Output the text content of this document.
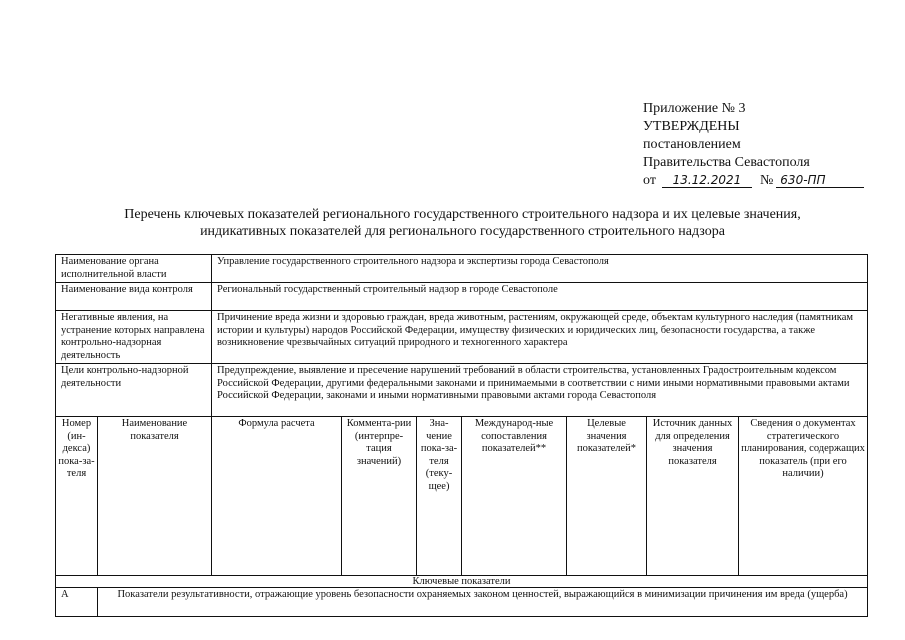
Приложение № 3
УТВЕРЖДЕНЫ
постановлением
Правительства Севастополя
от 13.12.2021 № 630-ПП
Перечень ключевых показателей регионального государственного строительного надзора и их целевые значения,
индикативных показателей для регионального государственного строительного надзора
Наименование органа исполнительной власти		Управление государственного строительного надзора и экспертизы города Севастополя						
Наименование вида контроля		Региональный государственный строительный надзор в городе Севастополе						
Негативные явления, на устранение которых направлена контрольно-надзорная деятельность		Причинение вреда жизни и здоровью граждан, вреда животным, растениям, окружающей среде, объектам культурного наследия (памятникам истории и культуры) народов Российской Федерации, имуществу физических и юридических лиц, безопасности государства, а также возникновение чрезвычайных ситуаций природного и техногенного характера						
Цели контрольно-надзорной деятельности		Предупреждение, выявление и пресечение нарушений требований в области строительства, установленных Градостроительным кодексом Российской Федерации, другими федеральными законами и принимаемыми в соответствии с ними иными нормативными правовыми актами Российской Федерации, законами и иными нормативными правовыми актами города Севастополя						
Номер (ин-декса) пока-за-теля	Наименование показателя	Формула расчета	Коммента-рии (интерпре-тация значений)	Зна-чение пока-за-теля (теку-щее)	Международ-ные сопоставления показателей**	Целевые значения показателей*	Источник данных для определения значения показателя	Сведения о документах стратегического планирования, содержащих показатель (при его наличии)
Ключевые показатели								
А	Показатели результативности, отражающие уровень безопасности охраняемых законом ценностей, выражающийся в минимизации причинения им вреда (ущерба)							
